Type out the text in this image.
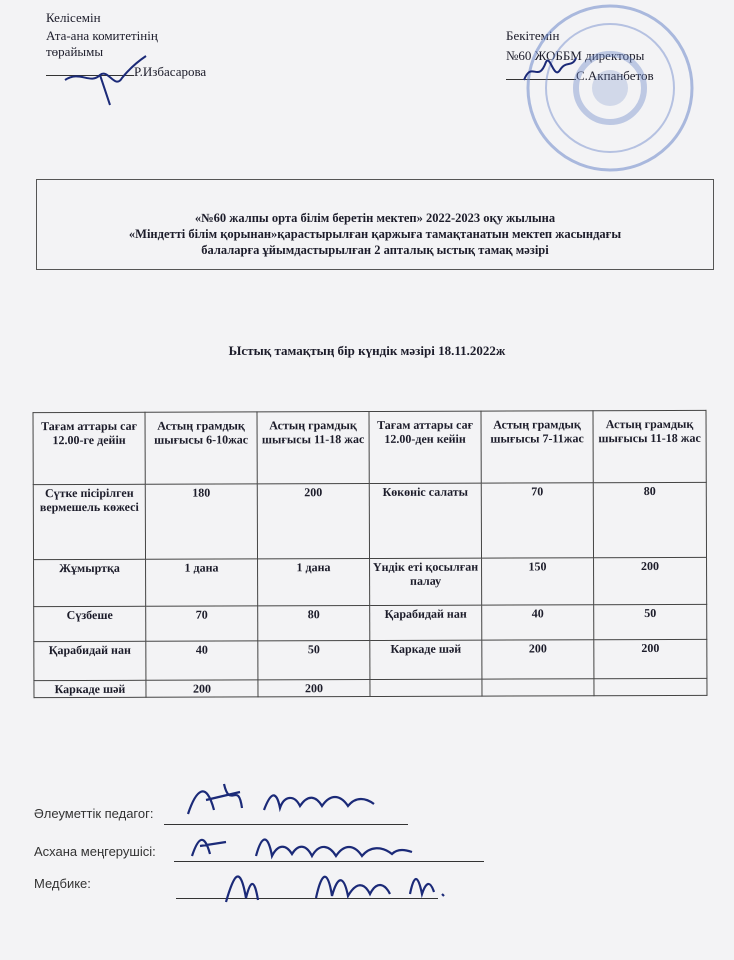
Келісемін
Ата-ана комитетінің
төрайымы
Р.Избасарова
Бекітемін
№60 ЖОББМ директоры
С.Акпанбетов
«№60 жалпы орта білім беретін мектеп» 2022-2023 оқу жылына
«Міндетті білім қорынан»қарастырылған қаржыға тамақтанатын мектеп жасындағы
балаларға ұйымдастырылған 2 апталық ыстық тамақ мәзірі
Ыстық тамақтың бір күндік мәзірі 18.11.2022ж
Тағам аттары сағ 12.00-ге дейін	Астың грамдық шығысы 6-10жас	Астың грамдық шығысы 11-18 жас	Тағам аттары сағ 12.00-ден кейін	Астың грамдық шығысы 7-11жас	Астың грамдық шығысы 11-18 жас
Сүтке пісірілген вермешель көжесі	180	200	Көкөніс салаты	70	80
Жұмыртқа	1 дана	1 дана	Үндік еті қосылған палау	150	200
Сүзбеше	70	80	Қарабидай нан	40	50
Қарабидай нан	40	50	Каркаде шәй	200	200
Каркаде шәй	200	200			
Әлеуметтік педагог:
Асхана меңгерушісі:
Медбике:
